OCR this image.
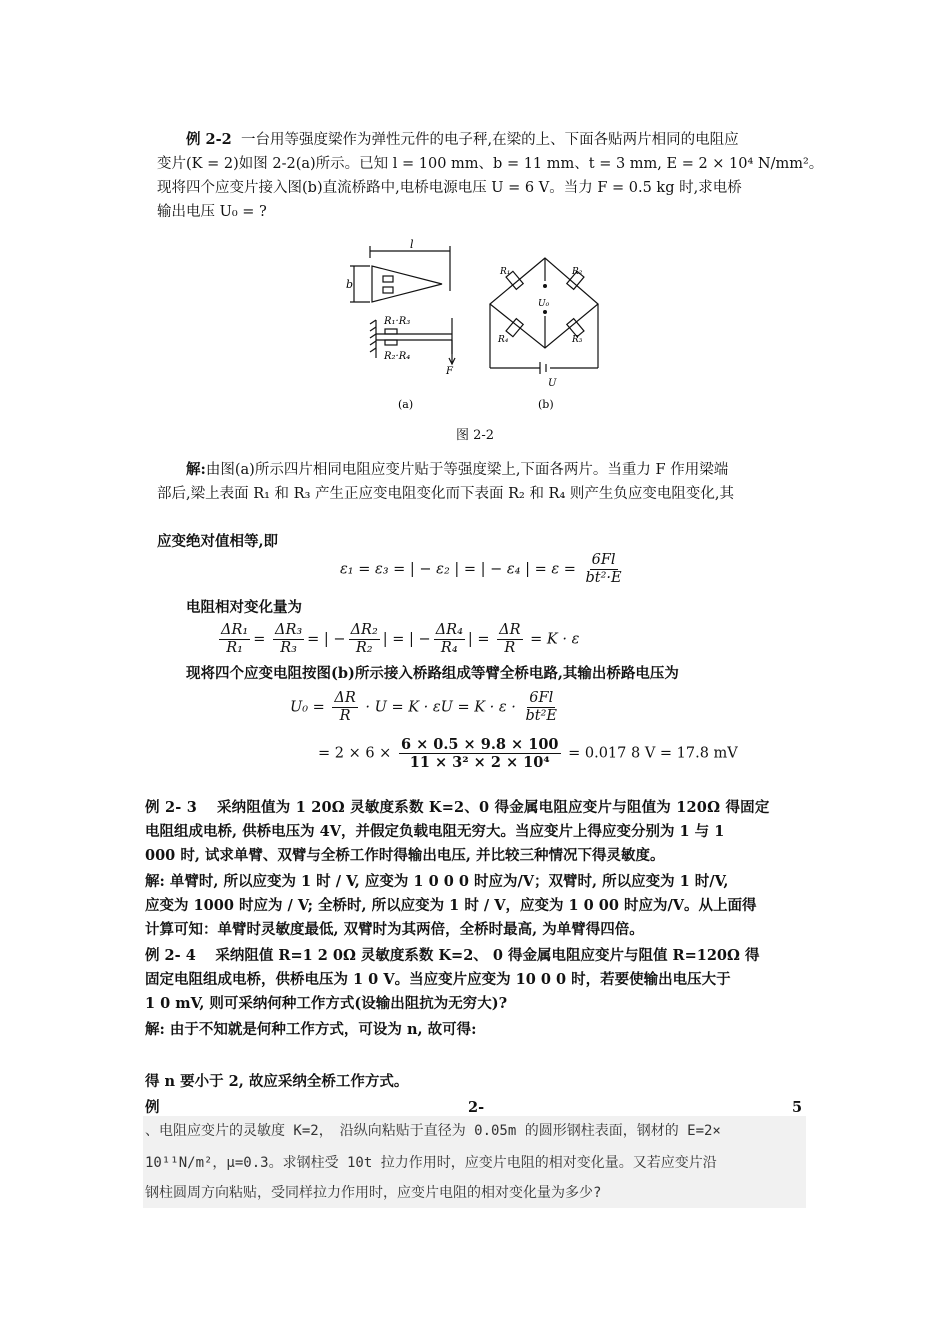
例 2-2 一台用等强度梁作为弹性元件的电子秤,在梁的上、下面各贴两片相同的电阻应
变片(K = 2)如图 2-2(a)所示。已知 l = 100 mm、b = 11 mm、t = 3 mm, E = 2 × 10⁴ N/mm²。
现将四个应变片接入图(b)直流桥路中,电桥电源电压 U = 6 V。当力 F = 0.5 kg 时,求电桥
输出电压 U₀ = ?
l
b
R₁·R₃
R₂·R₄
F
(a)
R₁	R₂
R₄	R₃
U₀
U
(b)
图 2-2
解:由图(a)所示四片相同电阻应变片贴于等强度梁上,下面各两片。当重力 F 作用梁端
部后,梁上表面 R₁ 和 R₃ 产生正应变电阻变化而下表面 R₂ 和 R₄ 则产生负应变电阻变化,其
应变绝对值相等,即
ε₁ = ε₃ = | − ε₂ | = | − ε₄ | = $\varepsilon = \frac{6Fl}{\text{bt²·E}}$
电阻相对变化量为
$\frac{\text{ΔR₁}}{\text{R₁}} = \frac{\text{ΔR₃}}{\text{R₃}}$ = | − $\frac{\text{ΔR₂}}{\text{R₂}}$ | = | − $\frac{\text{ΔR₄}}{\text{R₄}}$ | = $\frac{\Delta R}{R} = K \cdot \varepsilon$
现将四个应变电阻按图(b)所示接入桥路组成等臂全桥电路,其输出桥路电压为
$U_0 = \frac{\Delta R}{R} \cdot U = K \cdot \varepsilon U = K \cdot \varepsilon \cdot \frac{6Fl}{\text{bt²E}}$
= $2 \times 6 \times \frac{6 \times 0.5 \times 9.8 \times 100}{\text{11 × 3² × 2 × 10⁴}} = 0.017$ 8 V = 17.8 mV
例 2- 3　 采纳阻值为 1 20Ω 灵敏度系数 K=2、0 得金属电阻应变片与阻值为 120Ω 得固定
电阻组成电桥, 供桥电压为 4V，并假定负载电阻无穷大。当应变片上得应变分别为 1 与 1
000 时, 试求单臂、双臂与全桥工作时得输出电压, 并比较三种情况下得灵敏度。
解: 单臂时, 所以应变为 1 时 / V, 应变为 1 0 0 0 时应为/V；双臂时, 所以应变为 1 时/V,
应变为 1000 时应为 / V; 全桥时, 所以应变为 1 时 / V，应变为 1 0 00 时应为/V。从上面得
计算可知：单臂时灵敏度最低, 双臂时为其两倍，全桥时最高, 为单臂得四倍。
例 2- 4　 采纳阻值 R=1 2 0Ω 灵敏度系数 K=2、 0 得金属电阻应变片与阻值 R=120Ω 得
固定电阻组成电桥，供桥电压为 1 0 V。当应变片应变为 10 0 0 时，若要使输出电压大于
1 0 mV, 则可采纳何种工作方式(设输出阻抗为无穷大)?
解: 由于不知就是何种工作方式，可设为 n, 故可得:
得 n 要小于 2, 故应采纳全桥工作方式。
例	2-	5
、电阻应变片的灵敏度 K=2，　沿纵向粘贴于直径为 0.05m 的圆形钢柱表面，钢材的 E=2×
10¹¹N/m²，μ=0.3。求钢柱受 10t 拉力作用时，应变片电阻的相对变化量。又若应变片沿
钢柱圆周方向粘贴，受同样拉力作用时，应变片电阻的相对变化量为多少?
